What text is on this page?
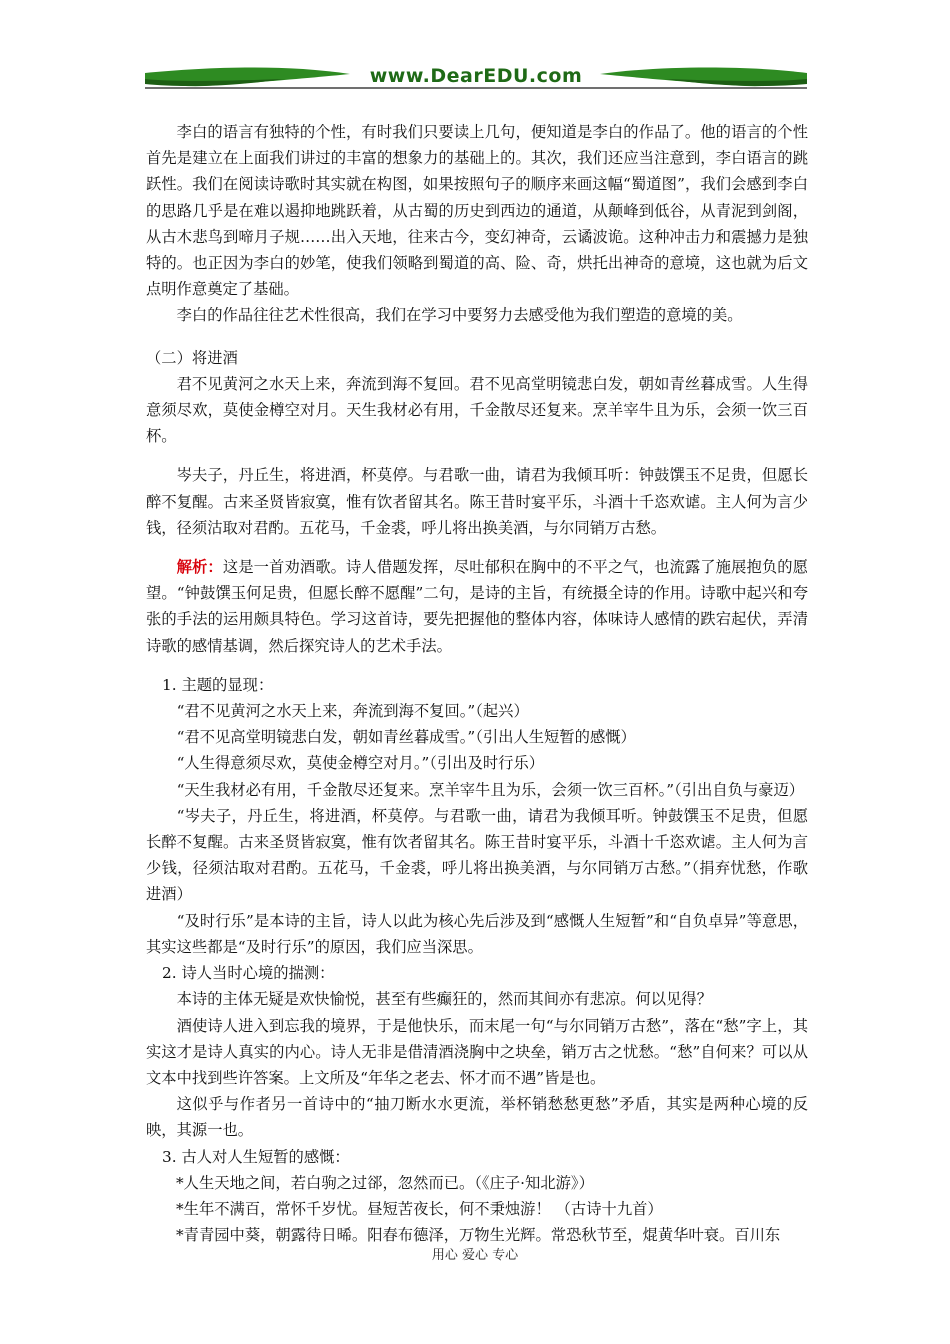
www.DearEDU.com

李白的语言有独特的个性，有时我们只要读上几句，便知道是李白的作品了。他的语言的个性首先是建立在上面我们讲过的丰富的想象力的基础上的。其次，我们还应当注意到，李白语言的跳跃性。我们在阅读诗歌时其实就在构图，如果按照句子的顺序来画这幅“蜀道图”，我们会感到李白的思路几乎是在难以遏抑地跳跃着，从古蜀的历史到西边的通道，从颠峰到低谷，从青泥到剑阁，从古木悲鸟到啼月子规……出入天地，往来古今，变幻神奇，云谲波诡。这种冲击力和震撼力是独特的。也正因为李白的妙笔，使我们领略到蜀道的高、险、奇，烘托出神奇的意境，这也就为后文点明作意奠定了基础。

李白的作品往往艺术性很高，我们在学习中要努力去感受他为我们塑造的意境的美。

（二）将进酒

君不见黄河之水天上来，奔流到海不复回。君不见高堂明镜悲白发，朝如青丝暮成雪。人生得意须尽欢，莫使金樽空对月。天生我材必有用，千金散尽还复来。烹羊宰牛且为乐，会须一饮三百杯。

岑夫子，丹丘生，将进酒，杯莫停。与君歌一曲，请君为我倾耳听：钟鼓馔玉不足贵，但愿长醉不复醒。古来圣贤皆寂寞，惟有饮者留其名。陈王昔时宴平乐，斗酒十千恣欢谑。主人何为言少钱，径须沽取对君酌。五花马，千金裘，呼儿将出换美酒，与尔同销万古愁。

解析：这是一首劝酒歌。诗人借题发挥，尽吐郁积在胸中的不平之气，也流露了施展抱负的愿望。“钟鼓馔玉何足贵，但愿长醉不愿醒”二句，是诗的主旨，有统摄全诗的作用。诗歌中起兴和夸张的手法的运用颇具特色。学习这首诗，要先把握他的整体内容，体味诗人感情的跌宕起伏，弄清诗歌的感情基调，然后探究诗人的艺术手法。

1. 主题的显现：

“君不见黄河之水天上来，奔流到海不复回。”（起兴）

“君不见高堂明镜悲白发，朝如青丝暮成雪。”（引出人生短暂的感慨）

“人生得意须尽欢，莫使金樽空对月。”（引出及时行乐）

“天生我材必有用，千金散尽还复来。烹羊宰牛且为乐，会须一饮三百杯。”（引出自负与豪迈）

“岑夫子，丹丘生，将进酒，杯莫停。与君歌一曲，请君为我倾耳听。钟鼓馔玉不足贵，但愿长醉不复醒。古来圣贤皆寂寞，惟有饮者留其名。陈王昔时宴平乐，斗酒十千恣欢谑。主人何为言少钱，径须沽取对君酌。五花马，千金裘，呼儿将出换美酒，与尔同销万古愁。”（捐弃忧愁，作歌进酒）

“及时行乐”是本诗的主旨，诗人以此为核心先后涉及到“感慨人生短暂”和“自负卓异”等意思，其实这些都是“及时行乐”的原因，我们应当深思。

2. 诗人当时心境的揣测：

本诗的主体无疑是欢快愉悦，甚至有些癫狂的，然而其间亦有悲凉。何以见得？

酒使诗人进入到忘我的境界，于是他快乐，而末尾一句“与尔同销万古愁”，落在“愁”字上，其实这才是诗人真实的内心。诗人无非是借清酒浇胸中之块垒，销万古之忧愁。“愁”自何来？可以从文本中找到些许答案。上文所及“年华之老去、怀才而不遇”皆是也。

这似乎与作者另一首诗中的“抽刀断水水更流，举杯销愁愁更愁”矛盾，其实是两种心境的反映，其源一也。

3. 古人对人生短暂的感慨：

*人生天地之间，若白驹之过郤，忽然而已。（《庄子·知北游》）

*生年不满百，常怀千岁忧。昼短苦夜长，何不秉烛游！ （古诗十九首）

*青青园中葵，朝露待日晞。阳春布德泽，万物生光辉。常恐秋节至，焜黄华叶衰。百川东

用心 爱心 专心
